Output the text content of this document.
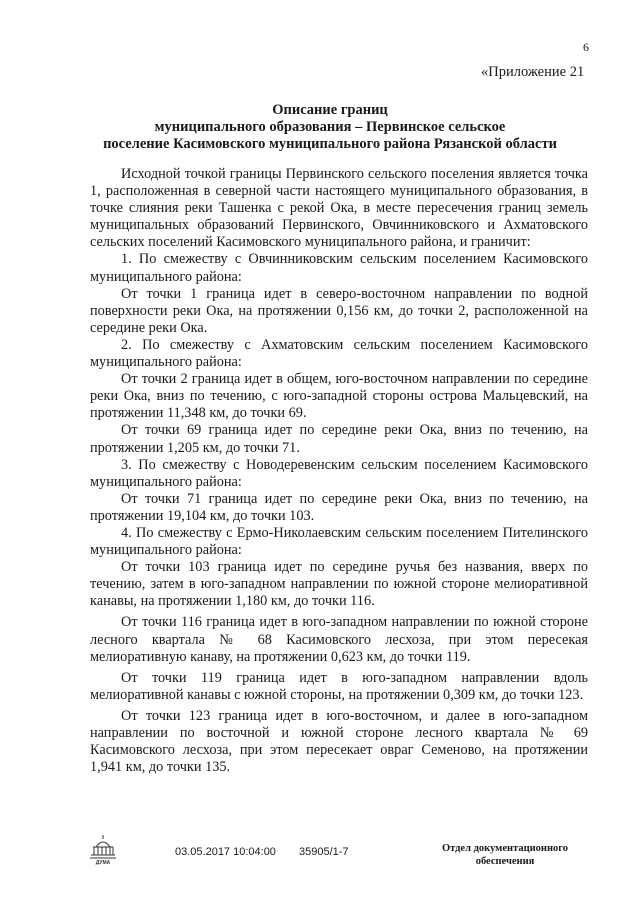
6
«Приложение 21
Описание границ
муниципального образования – Первинское сельское
поселение Касимовского муниципального района Рязанской области

Исходной точкой границы Первинского сельского поселения является точка 1, расположенная в северной части настоящего муниципального образования, в точке слияния реки Ташенка с рекой Ока, в месте пересечения границ земель муниципальных образований Первинского, Овчинниковского и Ахматовского сельских поселений Касимовского муниципального района, и граничит:

1. По смежеству с Овчинниковским сельским поселением Касимовского муниципального района:

От точки 1 граница идет в северо-восточном направлении по водной поверхности реки Ока, на протяжении 0,156 км, до точки 2, расположенной на середине реки Ока.

2. По смежеству с Ахматовским сельским поселением Касимовского муниципального района:

От точки 2 граница идет в общем, юго-восточном направлении по середине реки Ока, вниз по течению, с юго-западной стороны острова Мальцевский, на протяжении 11,348 км, до точки 69.

От точки 69 граница идет по середине реки Ока, вниз по течению, на протяжении 1,205 км, до точки 71.

3. По смежеству с Новодеревенским сельским поселением Касимовского муниципального района:

От точки 71 граница идет по середине реки Ока, вниз по течению, на протяжении 19,104 км, до точки 103.

4. По смежеству с Ермо-Николаевским сельским поселением Пителинского муниципального района:

От точки 103 граница идет по середине ручья без названия, вверх по течению, затем в юго-западном направлении по южной стороне мелиоративной канавы, на протяжении 1,180 км, до точки 116.

От точки 116 граница идет в юго-западном направлении по южной стороне лесного квартала № 68 Касимовского лесхоза, при этом пересекая мелиоративную канаву, на протяжении 0,623 км, до точки 119.

От точки 119 граница идет в юго-западном направлении вдоль мелиоративной канавы с южной стороны, на протяжении 0,309 км, до точки 123.

От точки 123 граница идет в юго-восточном, и далее в юго-западном направлении по восточной и южной стороне лесного квартала № 69 Касимовского лесхоза, при этом пересекает овраг Семеново, на протяжении 1,941 км, до точки 135.

ДУМА
03.05.2017 10:04:00 35905/1-7	Отдел документационного
обеспечения
